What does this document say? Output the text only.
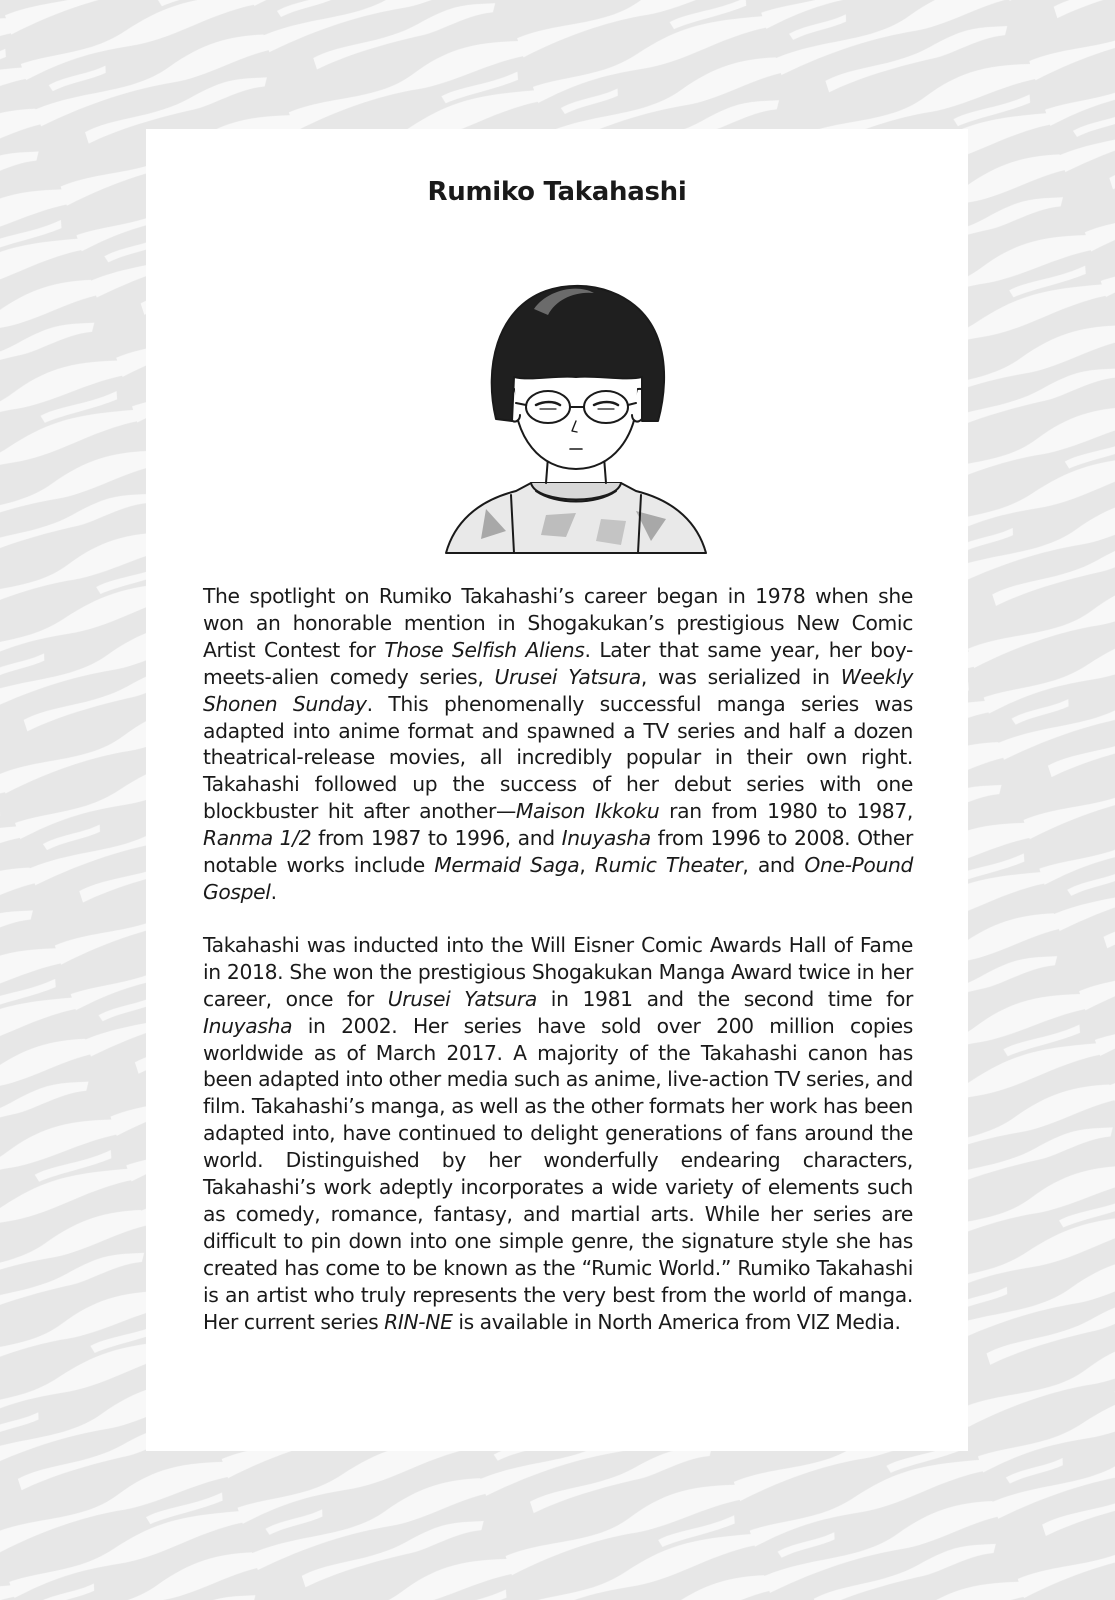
Rumiko Takahashi

The spotlight on Rumiko Takahashi’s career began in 1978 when she won an honorable mention in Shogakukan’s prestigious New Comic Artist Contest for Those Selfish Aliens. Later that same year, her boy-meets-alien comedy series, Urusei Yatsura, was serialized in Weekly Shonen Sunday. This phenomenally successful manga series was adapted into anime format and spawned a TV series and half a dozen theatrical-release movies, all incredibly popular in their own right. Takahashi followed up the success of her debut series with one blockbuster hit after another—Maison Ikkoku ran from 1980 to 1987, Ranma 1/2 from 1987 to 1996, and Inuyasha from 1996 to 2008. Other notable works include Mermaid Saga, Rumic Theater, and One-Pound Gospel.

Takahashi was inducted into the Will Eisner Comic Awards Hall of Fame in 2018. She won the prestigious Shogakukan Manga Award twice in her career, once for Urusei Yatsura in 1981 and the second time for Inuyasha in 2002. Her series have sold over 200 million copies worldwide as of March 2017. A majority of the Takahashi canon has been adapted into other media such as anime, live-action TV series, and film. Takahashi’s manga, as well as the other formats her work has been adapted into, have continued to delight generations of fans around the world. Distinguished by her wonderfully endearing characters, Takahashi’s work adeptly incorporates a wide variety of elements such as comedy, romance, fantasy, and martial arts. While her series are difficult to pin down into one simple genre, the signature style she has created has come to be known as the “Rumic World.” Rumiko Takahashi is an artist who truly represents the very best from the world of manga. Her current series RIN-NE is available in North America from VIZ Media.
